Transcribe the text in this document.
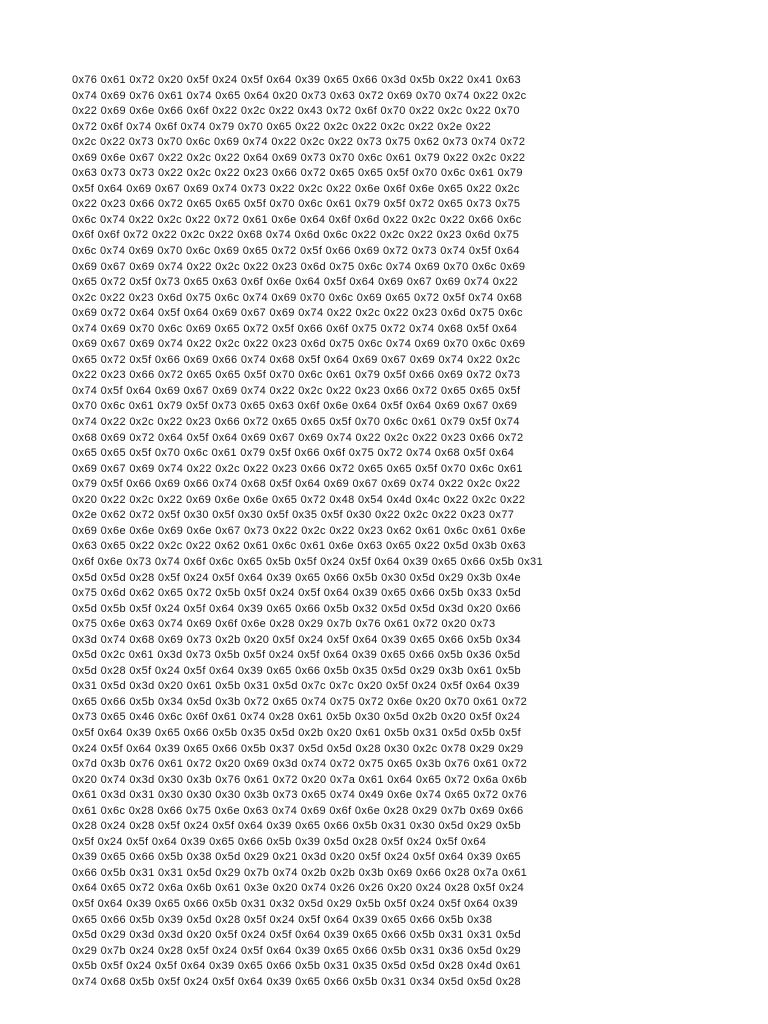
0x76 0x61 0x72 0x20 0x5f 0x24 0x5f 0x64 0x39 0x65 0x66 0x3d 0x5b 0x22 0x41 0x63
0x74 0x69 0x76 0x61 0x74 0x65 0x64 0x20 0x73 0x63 0x72 0x69 0x70 0x74 0x22 0x2c
0x22 0x69 0x6e 0x66 0x6f 0x22 0x2c 0x22 0x43 0x72 0x6f 0x70 0x22 0x2c 0x22 0x70
0x72 0x6f 0x74 0x6f 0x74 0x79 0x70 0x65 0x22 0x2c 0x22 0x2c 0x22 0x2e 0x22
0x2c 0x22 0x73 0x70 0x6c 0x69 0x74 0x22 0x2c 0x22 0x73 0x75 0x62 0x73 0x74 0x72
0x69 0x6e 0x67 0x22 0x2c 0x22 0x64 0x69 0x73 0x70 0x6c 0x61 0x79 0x22 0x2c 0x22
0x63 0x73 0x73 0x22 0x2c 0x22 0x23 0x66 0x72 0x65 0x65 0x5f 0x70 0x6c 0x61 0x79
0x5f 0x64 0x69 0x67 0x69 0x74 0x73 0x22 0x2c 0x22 0x6e 0x6f 0x6e 0x65 0x22 0x2c
0x22 0x23 0x66 0x72 0x65 0x65 0x5f 0x70 0x6c 0x61 0x79 0x5f 0x72 0x65 0x73 0x75
0x6c 0x74 0x22 0x2c 0x22 0x72 0x61 0x6e 0x64 0x6f 0x6d 0x22 0x2c 0x22 0x66 0x6c
0x6f 0x6f 0x72 0x22 0x2c 0x22 0x68 0x74 0x6d 0x6c 0x22 0x2c 0x22 0x23 0x6d 0x75
0x6c 0x74 0x69 0x70 0x6c 0x69 0x65 0x72 0x5f 0x66 0x69 0x72 0x73 0x74 0x5f 0x64
0x69 0x67 0x69 0x74 0x22 0x2c 0x22 0x23 0x6d 0x75 0x6c 0x74 0x69 0x70 0x6c 0x69
0x65 0x72 0x5f 0x73 0x65 0x63 0x6f 0x6e 0x64 0x5f 0x64 0x69 0x67 0x69 0x74 0x22
0x2c 0x22 0x23 0x6d 0x75 0x6c 0x74 0x69 0x70 0x6c 0x69 0x65 0x72 0x5f 0x74 0x68
0x69 0x72 0x64 0x5f 0x64 0x69 0x67 0x69 0x74 0x22 0x2c 0x22 0x23 0x6d 0x75 0x6c
0x74 0x69 0x70 0x6c 0x69 0x65 0x72 0x5f 0x66 0x6f 0x75 0x72 0x74 0x68 0x5f 0x64
0x69 0x67 0x69 0x74 0x22 0x2c 0x22 0x23 0x6d 0x75 0x6c 0x74 0x69 0x70 0x6c 0x69
0x65 0x72 0x5f 0x66 0x69 0x66 0x74 0x68 0x5f 0x64 0x69 0x67 0x69 0x74 0x22 0x2c
0x22 0x23 0x66 0x72 0x65 0x65 0x5f 0x70 0x6c 0x61 0x79 0x5f 0x66 0x69 0x72 0x73
0x74 0x5f 0x64 0x69 0x67 0x69 0x74 0x22 0x2c 0x22 0x23 0x66 0x72 0x65 0x65 0x5f
0x70 0x6c 0x61 0x79 0x5f 0x73 0x65 0x63 0x6f 0x6e 0x64 0x5f 0x64 0x69 0x67 0x69
0x74 0x22 0x2c 0x22 0x23 0x66 0x72 0x65 0x65 0x5f 0x70 0x6c 0x61 0x79 0x5f 0x74
0x68 0x69 0x72 0x64 0x5f 0x64 0x69 0x67 0x69 0x74 0x22 0x2c 0x22 0x23 0x66 0x72
0x65 0x65 0x5f 0x70 0x6c 0x61 0x79 0x5f 0x66 0x6f 0x75 0x72 0x74 0x68 0x5f 0x64
0x69 0x67 0x69 0x74 0x22 0x2c 0x22 0x23 0x66 0x72 0x65 0x65 0x5f 0x70 0x6c 0x61
0x79 0x5f 0x66 0x69 0x66 0x74 0x68 0x5f 0x64 0x69 0x67 0x69 0x74 0x22 0x2c 0x22
0x20 0x22 0x2c 0x22 0x69 0x6e 0x6e 0x65 0x72 0x48 0x54 0x4d 0x4c 0x22 0x2c 0x22
0x2e 0x62 0x72 0x5f 0x30 0x5f 0x30 0x5f 0x35 0x5f 0x30 0x22 0x2c 0x22 0x23 0x77
0x69 0x6e 0x6e 0x69 0x6e 0x67 0x73 0x22 0x2c 0x22 0x23 0x62 0x61 0x6c 0x61 0x6e
0x63 0x65 0x22 0x2c 0x22 0x62 0x61 0x6c 0x61 0x6e 0x63 0x65 0x22 0x5d 0x3b 0x63
0x6f 0x6e 0x73 0x74 0x6f 0x6c 0x65 0x5b 0x5f 0x24 0x5f 0x64 0x39 0x65 0x66 0x5b 0x31
0x5d 0x5d 0x28 0x5f 0x24 0x5f 0x64 0x39 0x65 0x66 0x5b 0x30 0x5d 0x29 0x3b 0x4e
0x75 0x6d 0x62 0x65 0x72 0x5b 0x5f 0x24 0x5f 0x64 0x39 0x65 0x66 0x5b 0x33 0x5d
0x5d 0x5b 0x5f 0x24 0x5f 0x64 0x39 0x65 0x66 0x5b 0x32 0x5d 0x5d 0x3d 0x20 0x66
0x75 0x6e 0x63 0x74 0x69 0x6f 0x6e 0x28 0x29 0x7b 0x76 0x61 0x72 0x20 0x73
0x3d 0x74 0x68 0x69 0x73 0x2b 0x20 0x5f 0x24 0x5f 0x64 0x39 0x65 0x66 0x5b 0x34
0x5d 0x2c 0x61 0x3d 0x73 0x5b 0x5f 0x24 0x5f 0x64 0x39 0x65 0x66 0x5b 0x36 0x5d
0x5d 0x28 0x5f 0x24 0x5f 0x64 0x39 0x65 0x66 0x5b 0x35 0x5d 0x29 0x3b 0x61 0x5b
0x31 0x5d 0x3d 0x20 0x61 0x5b 0x31 0x5d 0x7c 0x7c 0x20 0x5f 0x24 0x5f 0x64 0x39
0x65 0x66 0x5b 0x34 0x5d 0x3b 0x72 0x65 0x74 0x75 0x72 0x6e 0x20 0x70 0x61 0x72
0x73 0x65 0x46 0x6c 0x6f 0x61 0x74 0x28 0x61 0x5b 0x30 0x5d 0x2b 0x20 0x5f 0x24
0x5f 0x64 0x39 0x65 0x66 0x5b 0x35 0x5d 0x2b 0x20 0x61 0x5b 0x31 0x5d 0x5b 0x5f
0x24 0x5f 0x64 0x39 0x65 0x66 0x5b 0x37 0x5d 0x5d 0x28 0x30 0x2c 0x78 0x29 0x29
0x7d 0x3b 0x76 0x61 0x72 0x20 0x69 0x3d 0x74 0x72 0x75 0x65 0x3b 0x76 0x61 0x72
0x20 0x74 0x3d 0x30 0x3b 0x76 0x61 0x72 0x20 0x7a 0x61 0x64 0x65 0x72 0x6a 0x6b
0x61 0x3d 0x31 0x30 0x30 0x30 0x3b 0x73 0x65 0x74 0x49 0x6e 0x74 0x65 0x72 0x76
0x61 0x6c 0x28 0x66 0x75 0x6e 0x63 0x74 0x69 0x6f 0x6e 0x28 0x29 0x7b 0x69 0x66
0x28 0x24 0x28 0x5f 0x24 0x5f 0x64 0x39 0x65 0x66 0x5b 0x31 0x30 0x5d 0x29 0x5b
0x5f 0x24 0x5f 0x64 0x39 0x65 0x66 0x5b 0x39 0x5d 0x28 0x5f 0x24 0x5f 0x64
0x39 0x65 0x66 0x5b 0x38 0x5d 0x29 0x21 0x3d 0x20 0x5f 0x24 0x5f 0x64 0x39 0x65
0x66 0x5b 0x31 0x31 0x5d 0x29 0x7b 0x74 0x2b 0x2b 0x3b 0x69 0x66 0x28 0x7a 0x61
0x64 0x65 0x72 0x6a 0x6b 0x61 0x3e 0x20 0x74 0x26 0x26 0x20 0x24 0x28 0x5f 0x24
0x5f 0x64 0x39 0x65 0x66 0x5b 0x31 0x32 0x5d 0x29 0x5b 0x5f 0x24 0x5f 0x64 0x39
0x65 0x66 0x5b 0x39 0x5d 0x28 0x5f 0x24 0x5f 0x64 0x39 0x65 0x66 0x5b 0x38
0x5d 0x29 0x3d 0x3d 0x20 0x5f 0x24 0x5f 0x64 0x39 0x65 0x66 0x5b 0x31 0x31 0x5d
0x29 0x7b 0x24 0x28 0x5f 0x24 0x5f 0x64 0x39 0x65 0x66 0x5b 0x31 0x36 0x5d 0x29
0x5b 0x5f 0x24 0x5f 0x64 0x39 0x65 0x66 0x5b 0x31 0x35 0x5d 0x5d 0x28 0x4d 0x61
0x74 0x68 0x5b 0x5f 0x24 0x5f 0x64 0x39 0x65 0x66 0x5b 0x31 0x34 0x5d 0x5d 0x28
